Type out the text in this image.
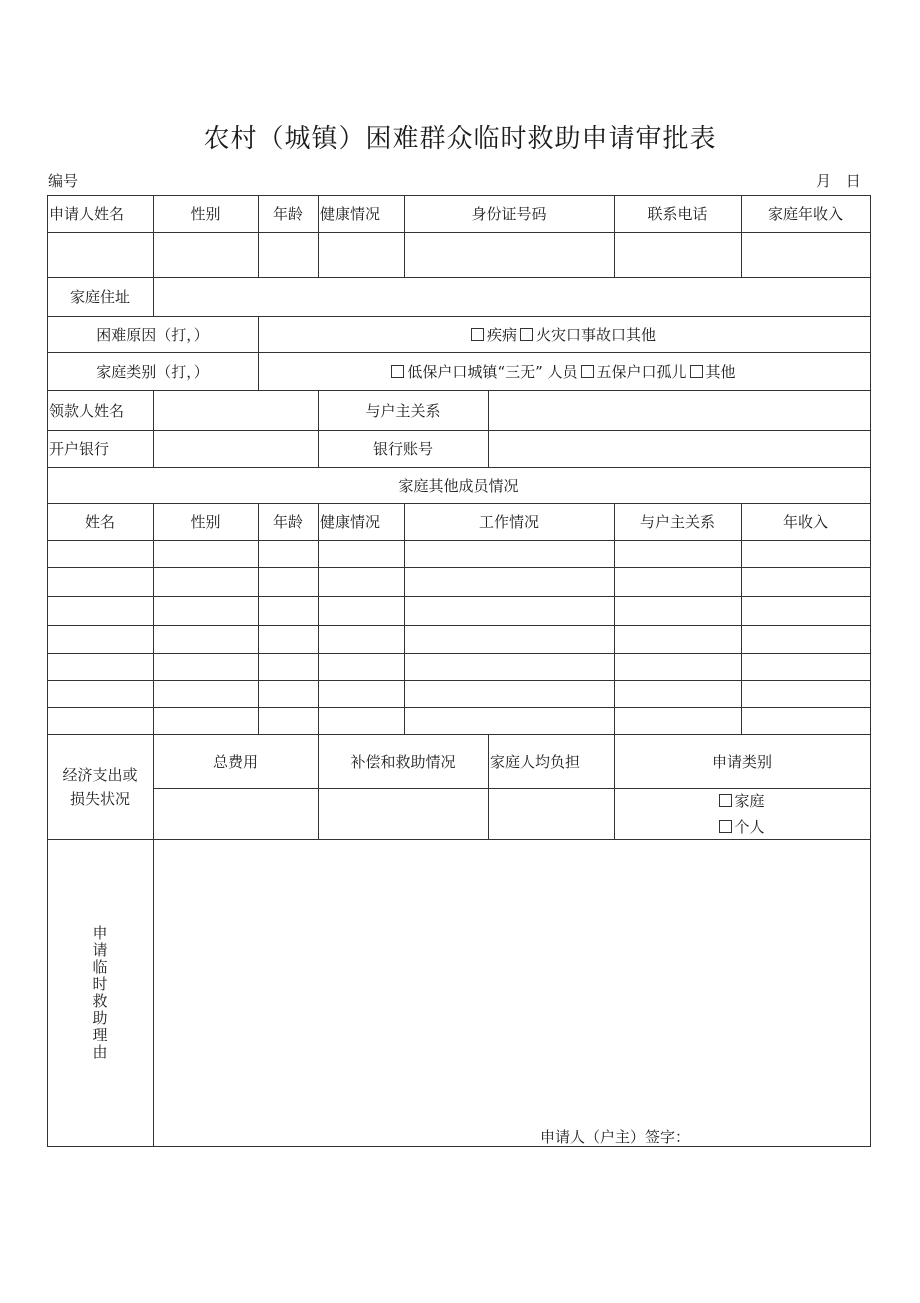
农村（城镇）困难群众临时救助申请审批表
编号	月 日
申请人姓名	性别	年龄	健康情况	身份证号码	联系电话	家庭年收入
家庭住址
困难原因（打，）	疾病	火灾口事故口其他
家庭类别（打，）	低保户口城镇“三无” 人员	五保户口孤儿	其他
领款人姓名	与户主关系
开户银行	银行账号
家庭其他成员情况
姓名	性别	年龄	健康情况	工作情况	与户主关系	年收入
经济支出或
损失状况
总费用	补偿和救助情况	家庭人均负担	申请类别
家庭
个人
申
请
临
时
救
助
理
由
申请人（户主）签字：
